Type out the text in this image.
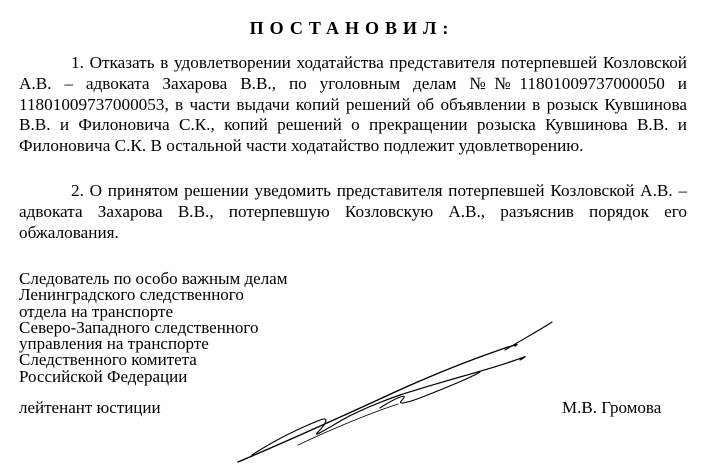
ПОСТАНОВИЛ:

1. Отказать в удовлетворении ходатайства представителя потерпевшей Козловской А.В. – адвоката Захарова В.В., по уголовным делам №№11801009737000050 и 11801009737000053, в части выдачи копий решений об объявлении в розыск Кувшинова В.В. и Филоновича С.К., копий решений о прекращении розыска Кувшинова В.В. и Филоновича С.К. В остальной части ходатайство подлежит удовлетворению.

2. О принятом решении уведомить представителя потерпевшей Козловской А.В. – адвоката Захарова В.В., потерпевшую Козловскую А.В., разъяснив порядок его обжалования.

Следователь по особо важным делам
Ленинградского следственного
отдела на транспорте
Северо-Западного следственного
управления на транспорте
Следственного комитета
Российской Федерации
лейтенант юстиции	М.В. Громова
